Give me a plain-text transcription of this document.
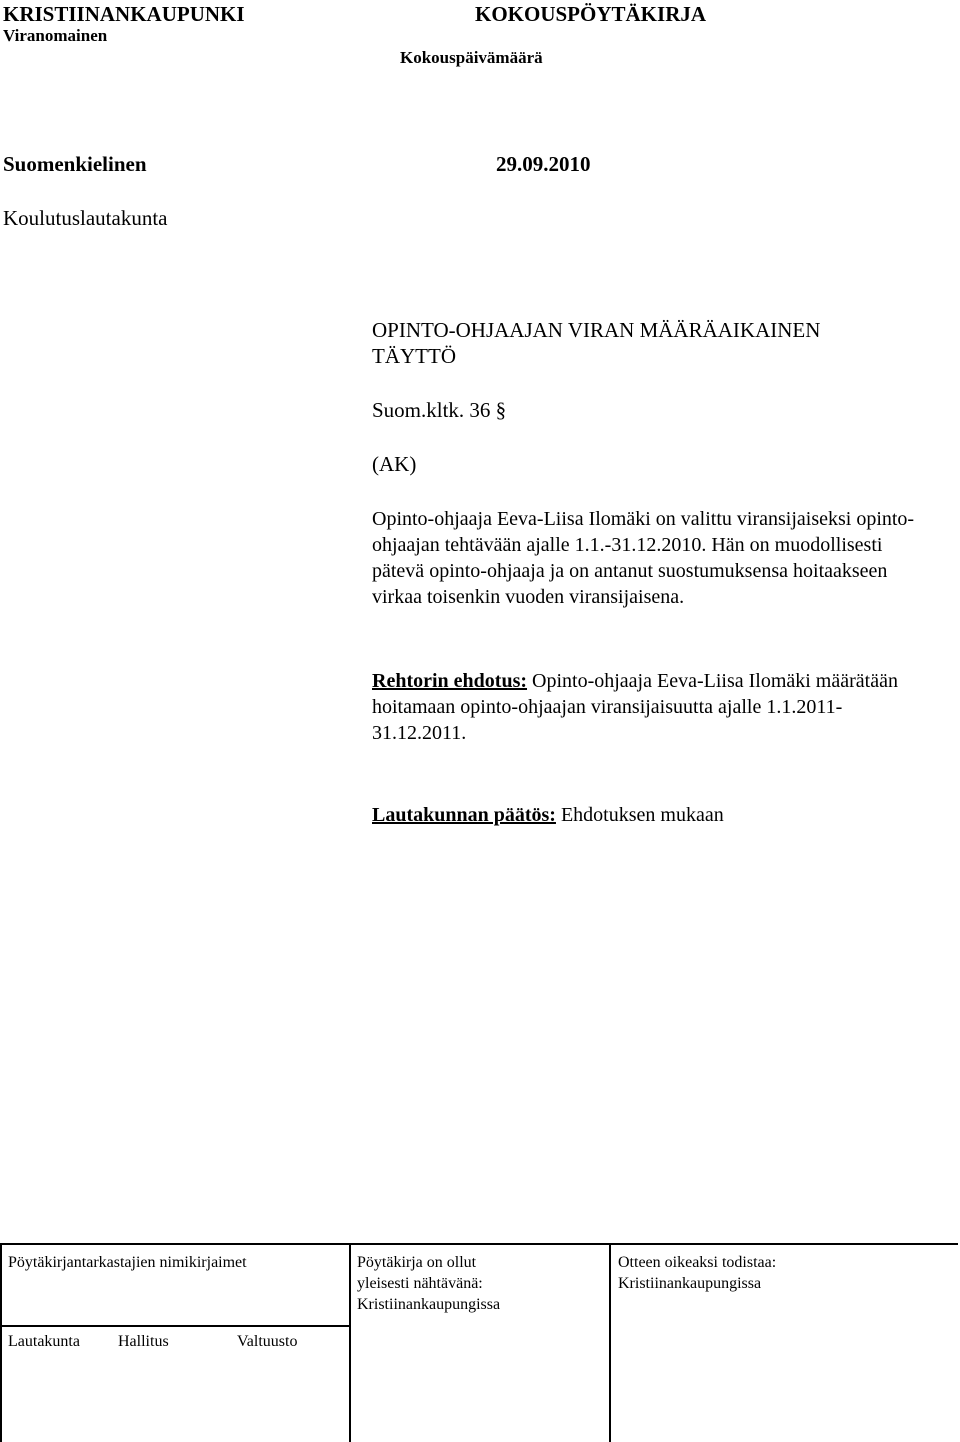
KRISTIINANKAUPUNKI	KOKOUSPÖYTÄKIRJA
Viranomainen
Kokouspäivämäärä
Suomenkielinen	29.09.2010
Koulutuslautakunta
OPINTO-OHJAAJAN VIRAN MÄÄRÄAIKAINEN
TÄYTTÖ
Suom.kltk. 36 §
(AK)
Opinto-ohjaaja Eeva-Liisa Ilomäki on valittu viransijaiseksi opinto-ohjaajan tehtävään ajalle 1.1.-31.12.2010. Hän on muodollisesti pätevä opinto-ohjaaja ja on antanut suostumuksensa hoitaakseen virkaa toisenkin vuoden viransijaisena.
Rehtorin ehdotus: Opinto-ohjaaja Eeva-Liisa Ilomäki määrätään hoitamaan opinto-ohjaajan viransijaisuutta ajalle 1.1.2011-31.12.2011.
Lautakunnan päätös: Ehdotuksen mukaan
Pöytäkirjantarkastajien nimikirjaimet	Pöytäkirja on ollut
yleisesti nähtävänä:
Kristiinankaupungissa
Otteen oikeaksi todistaa:
Kristiinankaupungissa
Lautakunta Hallitus	Valtuusto
